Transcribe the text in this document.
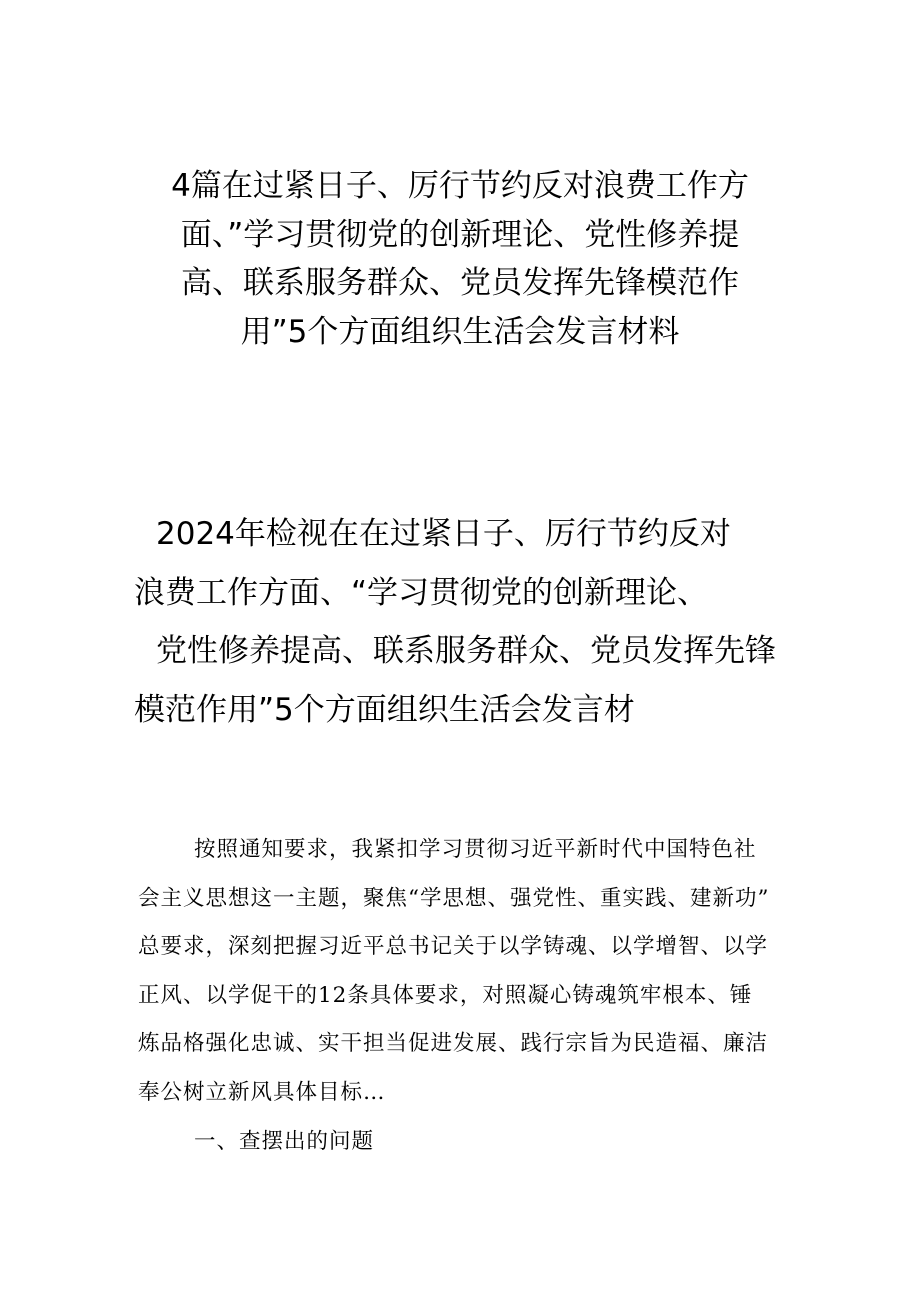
4篇在过紧日子、厉行节约反对浪费工作方
面、”学习贯彻党的创新理论、党性修养提
高、联系服务群众、党员发挥先锋模范作
用”5个方面组织生活会发言材料
2024年检视在在过紧日子、厉行节约反对
浪费工作方面、“学习贯彻党的创新理论、
党性修养提高、联系服务群众、党员发挥先锋
模范作用”5个方面组织生活会发言材
按照通知要求，我紧扣学习贯彻习近平新时代中国特色社
会主义思想这一主题，聚焦“学思想、强党性、重实践、建新功”
总要求，深刻把握习近平总书记关于以学铸魂、以学增智、以学
正风、以学促干的12条具体要求，对照凝心铸魂筑牢根本、锤
炼品格强化忠诚、实干担当促进发展、践行宗旨为民造福、廉洁
奉公树立新风具体目标…
一、查摆出的问题
